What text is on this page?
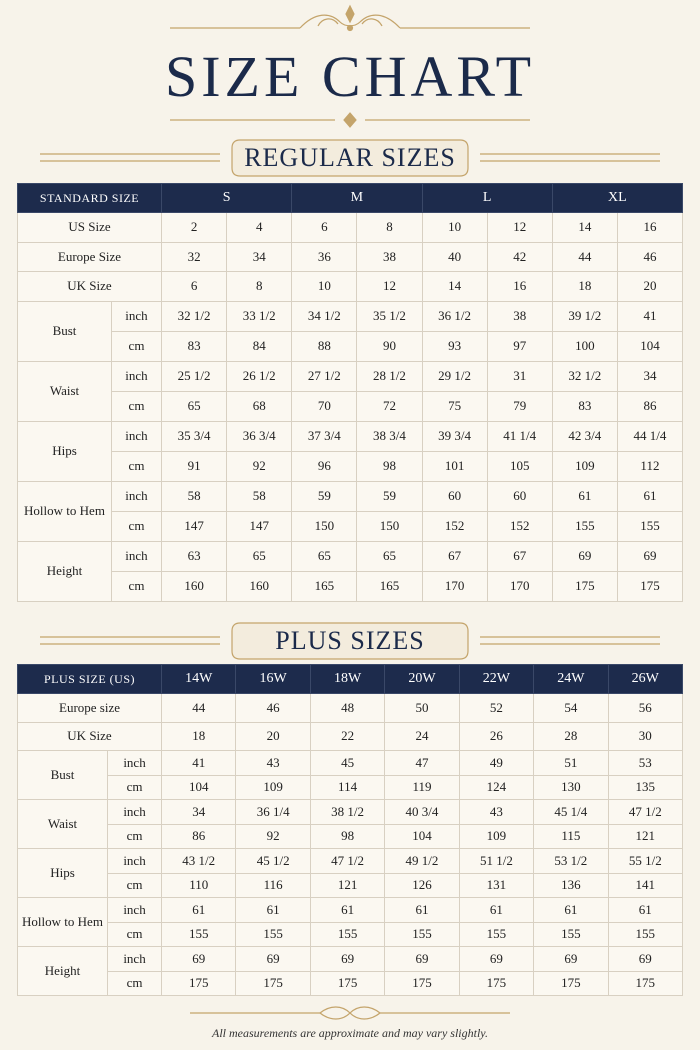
SIZE CHART
REGULAR SIZES
STANDARD SIZE		S		M		L		XL	
US Size		2	4	6	8	10	12	14	16
Europe Size		32	34	36	38	40	42	44	46
UK Size		6	8	10	12	14	16	18	20
Bust	inch	32 1/2	33 1/2	34 1/2	35 1/2	36 1/2	38	39 1/2	41
	cm	83	84	88	90	93	97	100	104
Waist	inch	25 1/2	26 1/2	27 1/2	28 1/2	29 1/2	31	32 1/2	34
	cm	65	68	70	72	75	79	83	86
Hips	inch	35 3/4	36 3/4	37 3/4	38 3/4	39 3/4	41 1/4	42 3/4	44 1/4
	cm	91	92	96	98	101	105	109	112
Hollow to Hem	inch	58	58	59	59	60	60	61	61
	cm	147	147	150	150	152	152	155	155
Height	inch	63	65	65	65	67	67	69	69
	cm	160	160	165	165	170	170	175	175
PLUS SIZES
PLUS SIZE (US)		14W	16W	18W	20W	22W	24W	26W
Europe size		44	46	48	50	52	54	56
UK Size		18	20	22	24	26	28	30
Bust	inch	41	43	45	47	49	51	53
	cm	104	109	114	119	124	130	135
Waist	inch	34	36 1/4	38 1/2	40 3/4	43	45 1/4	47 1/2
	cm	86	92	98	104	109	115	121
Hips	inch	43 1/2	45 1/2	47 1/2	49 1/2	51 1/2	53 1/2	55 1/2
	cm	110	116	121	126	131	136	141
Hollow to Hem	inch	61	61	61	61	61	61	61
	cm	155	155	155	155	155	155	155
Height	inch	69	69	69	69	69	69	69
	cm	175	175	175	175	175	175	175
All measurements are approximate and may vary slightly.
